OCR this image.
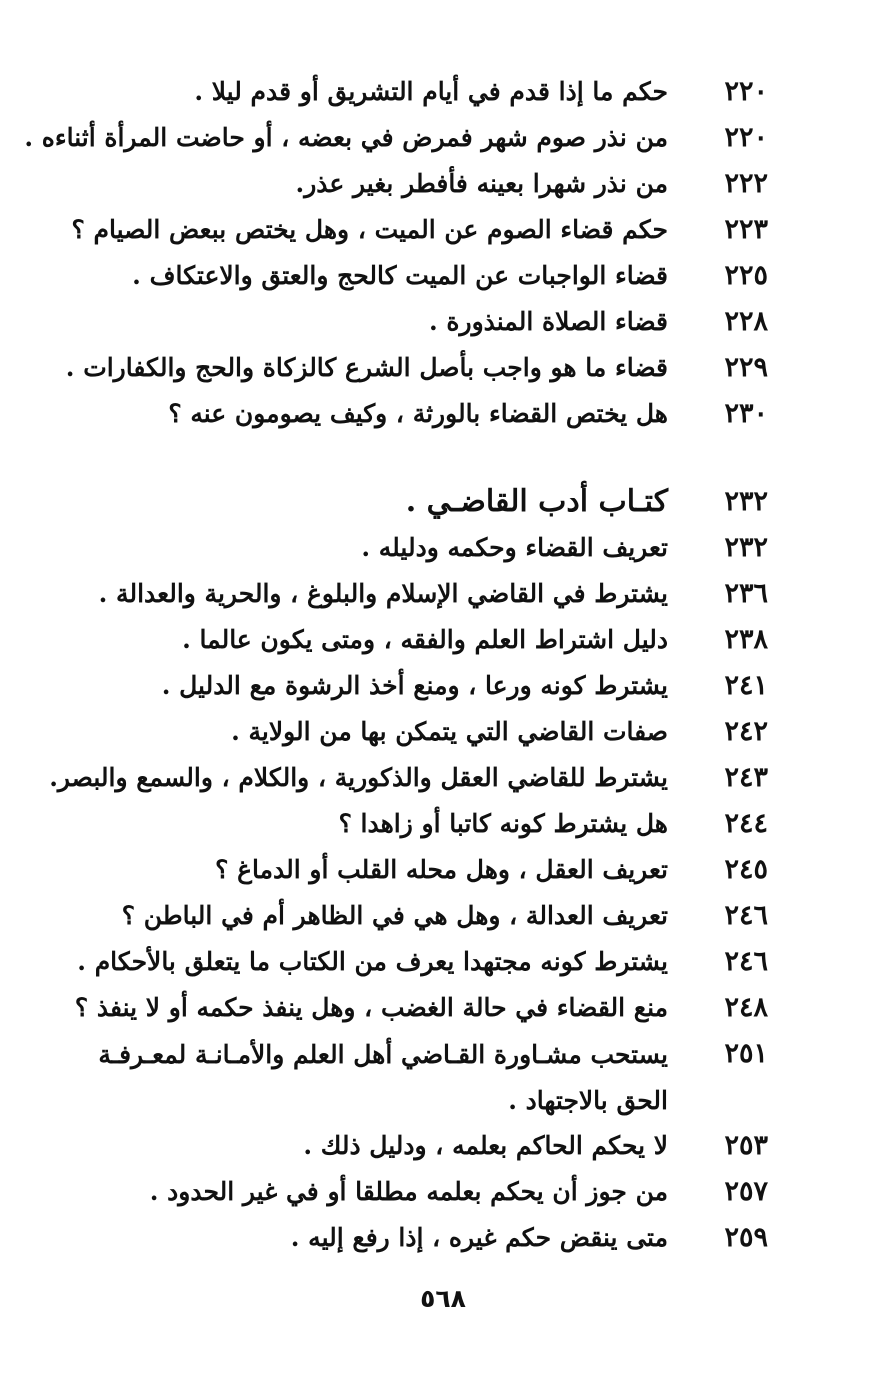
٢٢٠
حكم ما إذا قدم في أيام التشريق أو قدم ليلا .
٢٢٠
من نذر صوم شهر فمرض في بعضه ، أو حاضت المرأة أثناءه .
٢٢٢
من نذر شهرا بعينه فأفطر بغير عذر.
٢٢٣
حكم قضاء الصوم عن الميت ، وهل يختص ببعض الصيام ؟
٢٢٥
قضاء الواجبات عن الميت كالحج والعتق والاعتكاف .
٢٢٨
قضاء الصلاة المنذورة .
٢٢٩
قضاء ما هو واجب بأصل الشرع كالزكاة والحج والكفارات .
٢٣٠
هل يختص القضاء بالورثة ، وكيف يصومون عنه ؟
٢٣٢
كتـاب أدب القاضـي .
٢٣٢
تعريف القضاء وحكمه ودليله .
٢٣٦
يشترط في القاضي الإسلام والبلوغ ، والحرية والعدالة .
٢٣٨
دليل اشتراط العلم والفقه ، ومتى يكون عالما .
٢٤١
يشترط كونه ورعا ، ومنع أخذ الرشوة مع الدليل .
٢٤٢
صفات القاضي التي يتمكن بها من الولاية .
٢٤٣
يشترط للقاضي العقل والذكورية ، والكلام ، والسمع والبصر.
٢٤٤
هل يشترط كونه كاتبا أو زاهدا ؟
٢٤٥
تعريف العقل ، وهل محله القلب أو الدماغ ؟
٢٤٦
تعريف العدالة ، وهل هي في الظاهر أم في الباطن ؟
٢٤٦
يشترط كونه مجتهدا يعرف من الكتاب ما يتعلق بالأحكام .
٢٤٨
منع القضاء في حالة الغضب ، وهل ينفذ حكمه أو لا ينفذ ؟
٢٥١
يستحب مشـاورة القـاضي أهل العلم والأمـانـة لمعـرفـة الحق بالاجتهاد .
٢٥٣
لا يحكم الحاكم بعلمه ، ودليل ذلك .
٢٥٧
من جوز أن يحكم بعلمه مطلقا أو في غير الحدود .
٢٥٩
متى ينقض حكم غيره ، إذا رفع إليه .
٥٦٨
